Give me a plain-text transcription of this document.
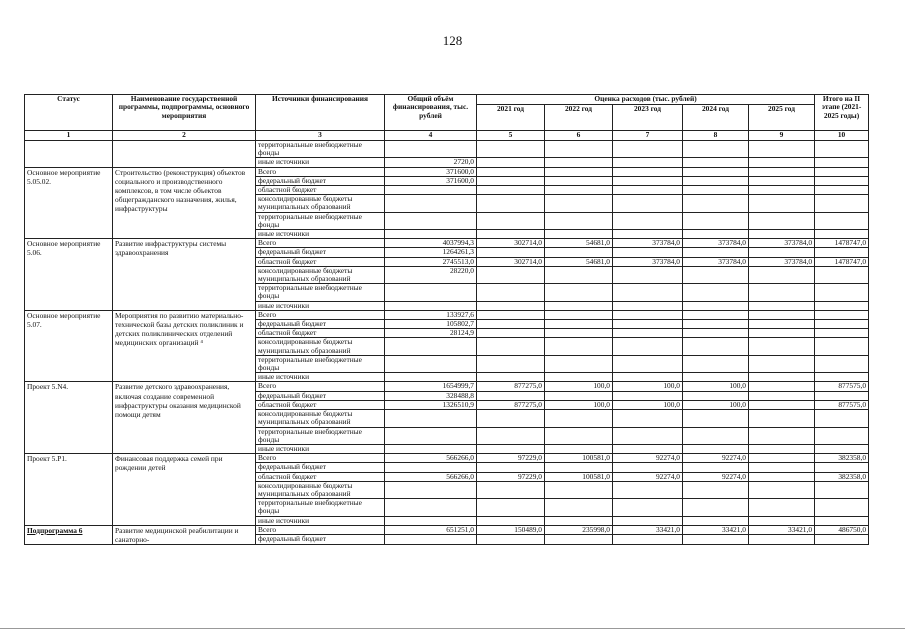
128
Статус	Наименование государственной программы, подпрограммы, основного мероприятия	Источники финансирования	Общий объём финансирования, тыс. рублей	Оценка расходов (тыс. рублей)					Итого на II этапе (2021-2025 годы)
				2021 год	2022 год	2023 год	2024 год	2025 год	
1	2	3	4	5	6	7	8	9	10
		территориальные внебюджетные фонды							
		иные источники	2720,0						
Основное мероприятие 5.05.02.	Строительство (реконструкция) объектов социального и производственного комплексов, в том числе объектов общегражданского назначения, жилья, инфраструктуры	Всего	371600,0						
		федеральный бюджет	371600,0						
		областной бюджет							
		консолидированные бюджеты муниципальных образований							
		территориальные внебюджетные фонды							
		иные источники							
Основное мероприятие 5.06.	Развитие инфраструктуры системы здравоохранения	Всего	4037994,3	302714,0	54681,0	373784,0	373784,0	373784,0	1478747,0
		федеральный бюджет	1264261,3						
		областной бюджет	2745513,0	302714,0	54681,0	373784,0	373784,0	373784,0	1478747,0
		консолидированные бюджеты муниципальных образований	28220,0						
		территориальные внебюджетные фонды							
		иные источники							
Основное мероприятие 5.07.	Мероприятия по развитию материально-технической базы детских поликлиник и детских поликлинических отделений медицинских организаций ⁴	Всего	133927,6						
		федеральный бюджет	105802,7						
		областной бюджет	28124,9						
		консолидированные бюджеты муниципальных образований							
		территориальные внебюджетные фонды							
		иные источники							
Проект 5.N4.	Развитие детского здравоохранения, включая создание современной инфраструктуры оказания медицинской помощи детям	Всего	1654999,7	877275,0	100,0	100,0	100,0		877575,0
		федеральный бюджет	328488,8						
		областной бюджет	1326510,9	877275,0	100,0	100,0	100,0		877575,0
		консолидированные бюджеты муниципальных образований							
		территориальные внебюджетные фонды							
		иные источники							
Проект 5.P1.	Финансовая поддержка семей при рождении детей	Всего	566266,0	97229,0	100581,0	92274,0	92274,0		382358,0
		федеральный бюджет							
		областной бюджет	566266,0	97229,0	100581,0	92274,0	92274,0		382358,0
		консолидированные бюджеты муниципальных образований							
		территориальные внебюджетные фонды							
		иные источники							
Подпрограмма 6	Развитие медицинской реабилитации и санаторно-	Всего	651251,0	150489,0	235998,0	33421,0	33421,0	33421,0	486750,0
		федеральный бюджет							
